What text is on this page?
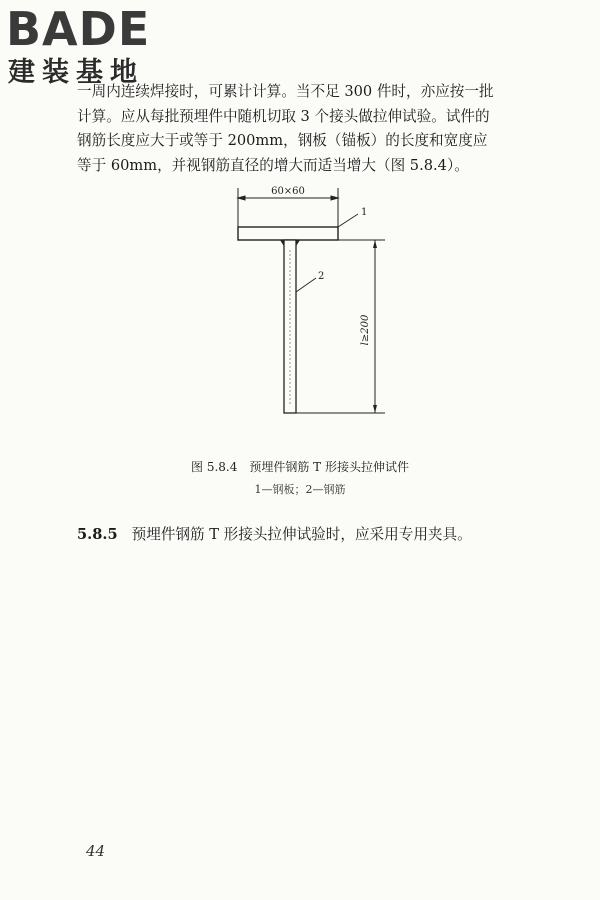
BADE
建装基地

一周内连续焊接时，可累计计算。当不足 300 件时，亦应按一批

计算。应从每批预埋件中随机切取 3 个接头做拉伸试验。试件的

钢筋长度应大于或等于 200mm，钢板（锚板）的长度和宽度应

等于 60mm，并视钢筋直径的增大而适当增大（图 5.8.4）。

60×60
1
2
l≥200
图 5.8.4　预埋件钢筋 T 形接头拉伸试件
1—钢板；2—钢筋
5.8.5 预埋件钢筋 T 形接头拉伸试验时，应采用专用夹具。
44
